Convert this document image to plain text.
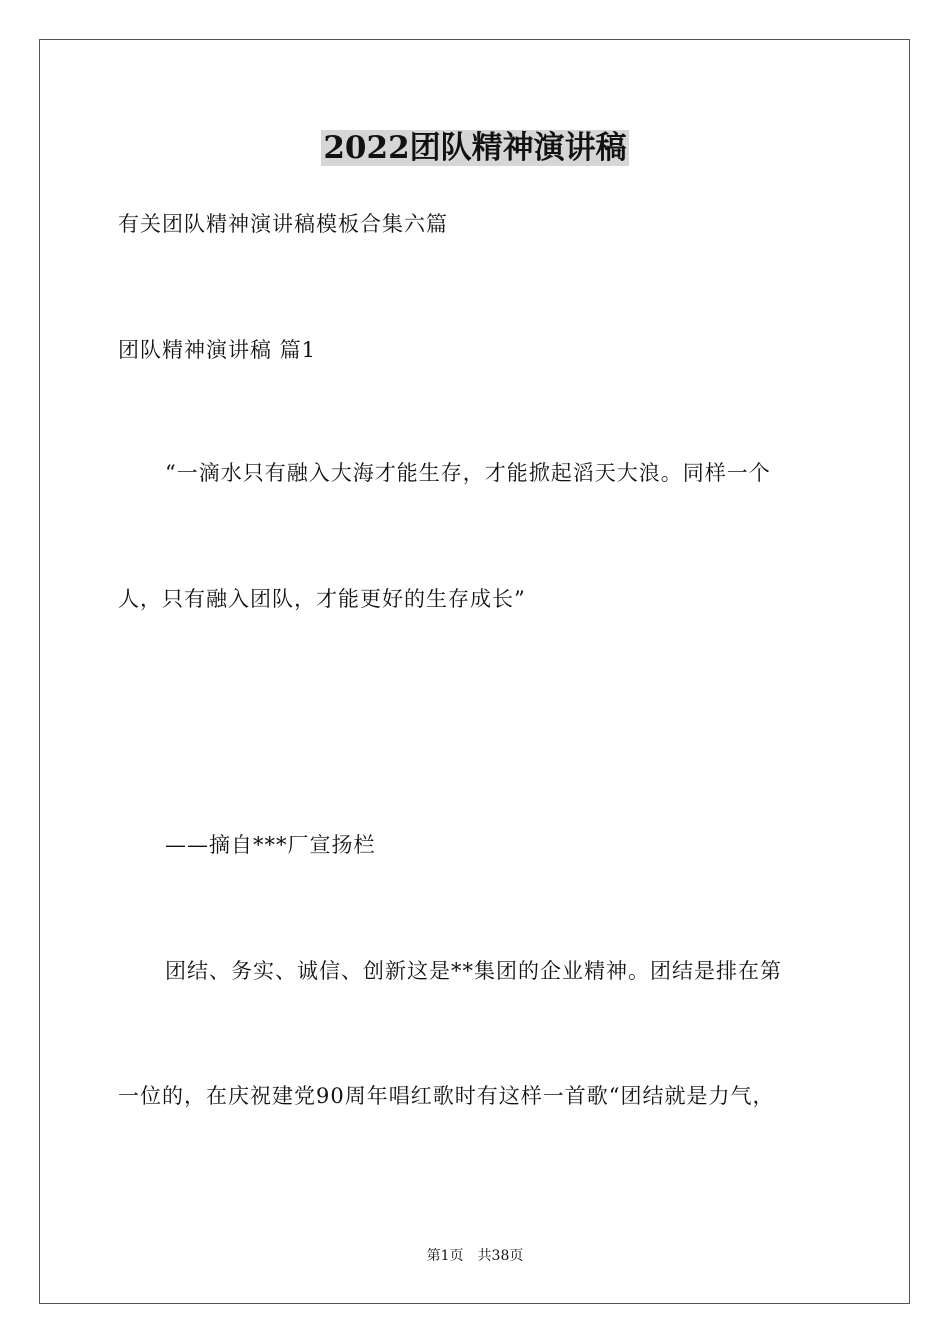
2022团队精神演讲稿
有关团队精神演讲稿模板合集六篇
团队精神演讲稿 篇1
“一滴水只有融入大海才能生存，才能掀起滔天大浪。同样一个
人，只有融入团队，才能更好的生存成长”
——摘自***厂宣扬栏
团结、务实、诚信、创新这是**集团的企业精神。团结是排在第
一位的，在庆祝建党90周年唱红歌时有这样一首歌“团结就是力气，
第1页　共38页
